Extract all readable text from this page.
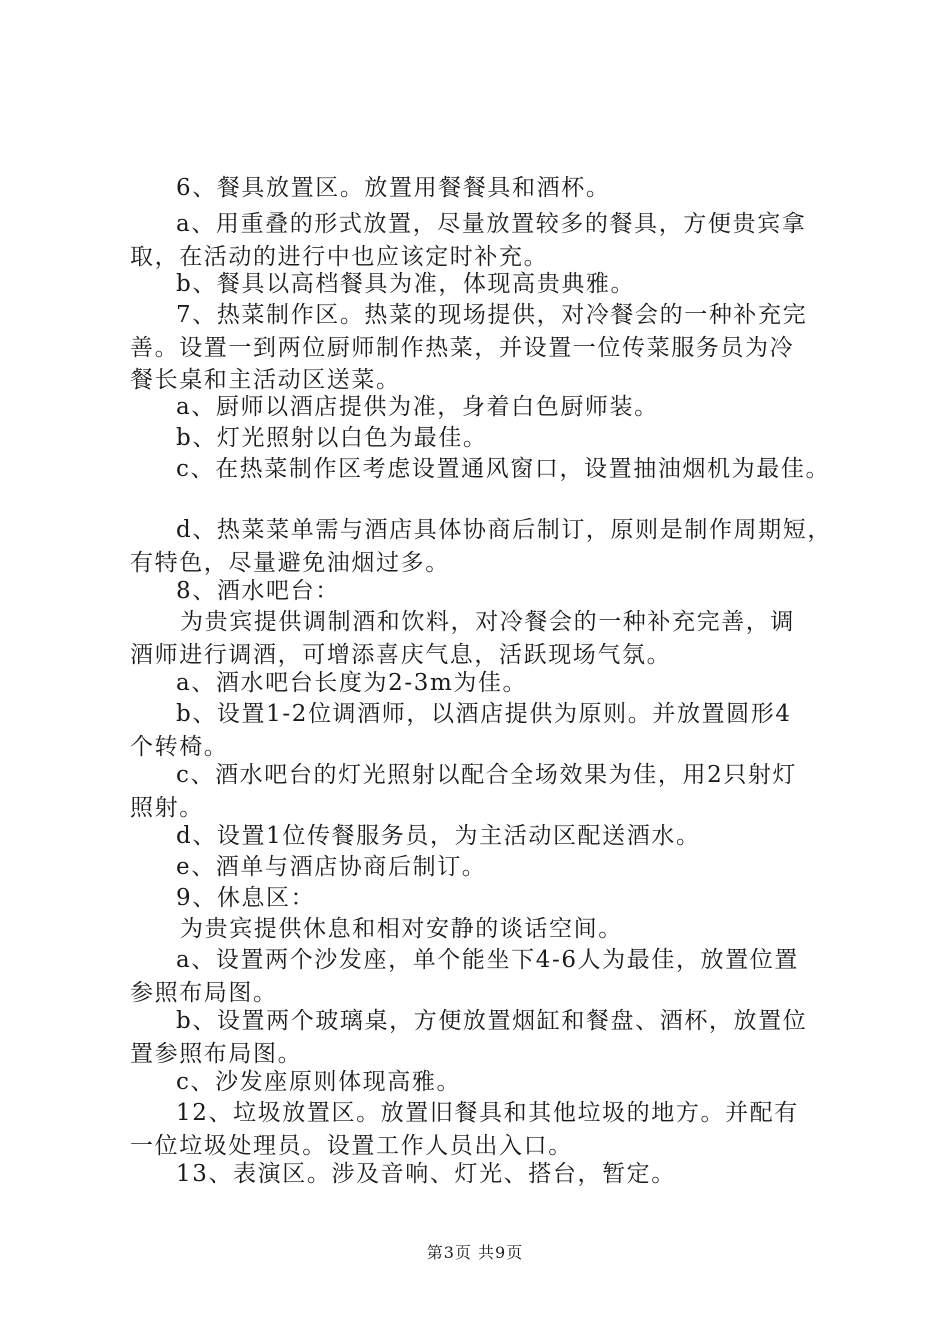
6、餐具放置区。放置用餐餐具和酒杯。
a、用重叠的形式放置，尽量放置较多的餐具，方便贵宾拿
取，在活动的进行中也应该定时补充。
b、餐具以高档餐具为准，体现高贵典雅。
7、热菜制作区。热菜的现场提供，对冷餐会的一种补充完
善。设置一到两位厨师制作热菜，并设置一位传菜服务员为冷
餐长桌和主活动区送菜。
a、厨师以酒店提供为准，身着白色厨师装。
b、灯光照射以白色为最佳。
c、在热菜制作区考虑设置通风窗口，设置抽油烟机为最佳。
d、热菜菜单需与酒店具体协商后制订，原则是制作周期短，
有特色，尽量避免油烟过多。
8、酒水吧台：
为贵宾提供调制酒和饮料，对冷餐会的一种补充完善，调
酒师进行调酒，可增添喜庆气息，活跃现场气氛。
a、酒水吧台长度为2-3m为佳。
b、设置1-2位调酒师，以酒店提供为原则。并放置圆形4
个转椅。
c、酒水吧台的灯光照射以配合全场效果为佳，用2只射灯
照射。
d、设置1位传餐服务员，为主活动区配送酒水。
e、酒单与酒店协商后制订。
9、休息区：
为贵宾提供休息和相对安静的谈话空间。
a、设置两个沙发座，单个能坐下4-6人为最佳，放置位置
参照布局图。
b、设置两个玻璃桌，方便放置烟缸和餐盘、酒杯，放置位
置参照布局图。
c、沙发座原则体现高雅。
12、垃圾放置区。放置旧餐具和其他垃圾的地方。并配有
一位垃圾处理员。设置工作人员出入口。
13、表演区。涉及音响、灯光、搭台，暂定。
第3页 共9页
